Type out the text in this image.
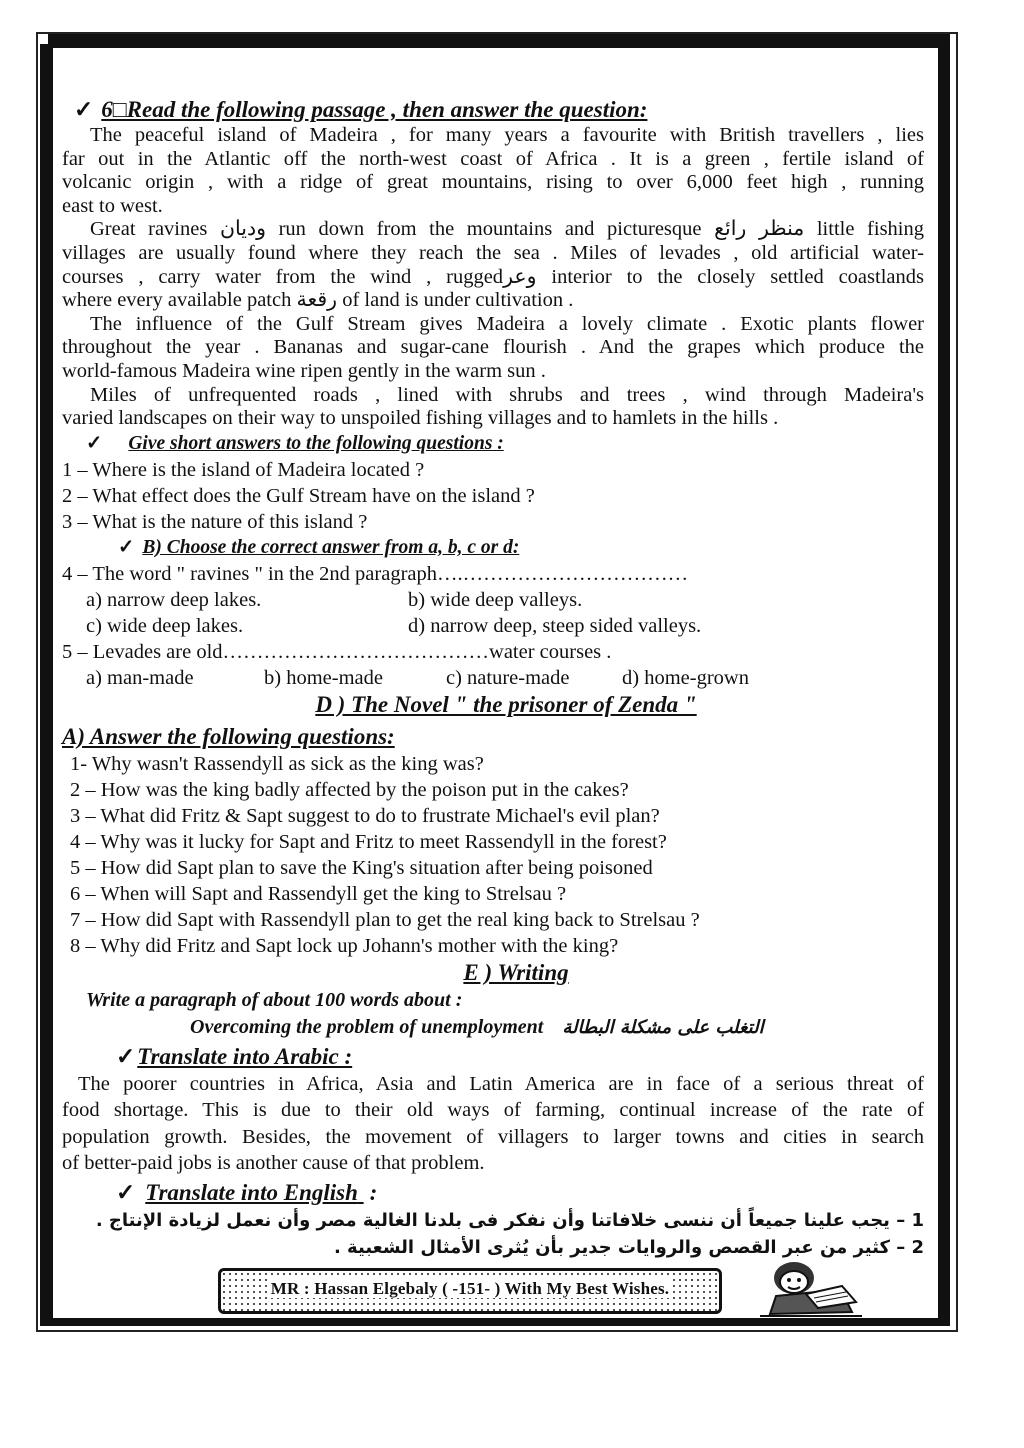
✓ 6□Read the following passage , then answer the question:
The peaceful island of Madeira , for many years a favourite with British travellers , lies
far out in the Atlantic off the north-west coast of Africa . It is a green , fertile island of
volcanic origin , with a ridge of great mountains, rising to over 6,000 feet high , running
east to west.
Great ravines وديان run down from the mountains and picturesque منظر رائع little fishing
villages are usually found where they reach the sea . Miles of levades , old artificial water-
courses , carry water from the wind , ruggedوعر interior to the closely settled coastlands
where every available patch رقعة of land is under cultivation .
The influence of the Gulf Stream gives Madeira a lovely climate . Exotic plants flower
throughout the year . Bananas and sugar-cane flourish . And the grapes which produce the
world-famous Madeira wine ripen gently in the warm sun .
Miles of unfrequented roads , lined with shrubs and trees , wind through Madeira's
varied landscapes on their way to unspoiled fishing villages and to hamlets in the hills .
✓ Give short answers to the following questions :
1 – Where is the island of Madeira located ?
2 – What effect does the Gulf Stream have on the island ?
3 – What is the nature of this island ?
✓ B) Choose the correct answer from a, b, c or d:
4 – The word " ravines " in the 2nd paragraph….……………………………
a) narrow deep lakes.	b) wide deep valleys.
c) wide deep lakes.	d) narrow deep, steep sided valleys.
5 – Levades are old…………………………………water courses .
a) man-made	b) home-made	c) nature-made	d) home-grown
D ) The Novel " the prisoner of Zenda "
A) Answer the following questions:
1- Why wasn't Rassendyll as sick as the king was?
2 – How was the king badly affected by the poison put in the cakes?
3 – What did Fritz & Sapt suggest to do to frustrate Michael's evil plan?
4 – Why was it lucky for Sapt and Fritz to meet Rassendyll in the forest?
5 – How did Sapt plan to save the King's situation after being poisoned
6 – When will Sapt and Rassendyll get the king to Strelsau ?
7 – How did Sapt with Rassendyll plan to get the real king back to Strelsau ?
8 – Why did Fritz and Sapt lock up Johann's mother with the king?
E ) Writing
Write a paragraph of about 100 words about :
Overcoming the problem of unemployment التغلب على مشكلة البطالة
✓Translate into Arabic :
The poorer countries in Africa, Asia and Latin America are in face of a serious threat of
food shortage. This is due to their old ways of farming, continual increase of the rate of
population growth. Besides, the movement of villagers to larger towns and cities in search
of better-paid jobs is another cause of that problem.
✓ Translate into English :
1 – يجب علينا جميعاً أن ننسى خلافاتنا وأن نفكر فى بلدنا الغالية مصر وأن نعمل لزيادة الإنتاج .
2 – كثير من عبر القصص والروايات جدير بأن يُثرى الأمثال الشعبية .
MR : Hassan Elgebaly ( -151- ) With My Best Wishes.
